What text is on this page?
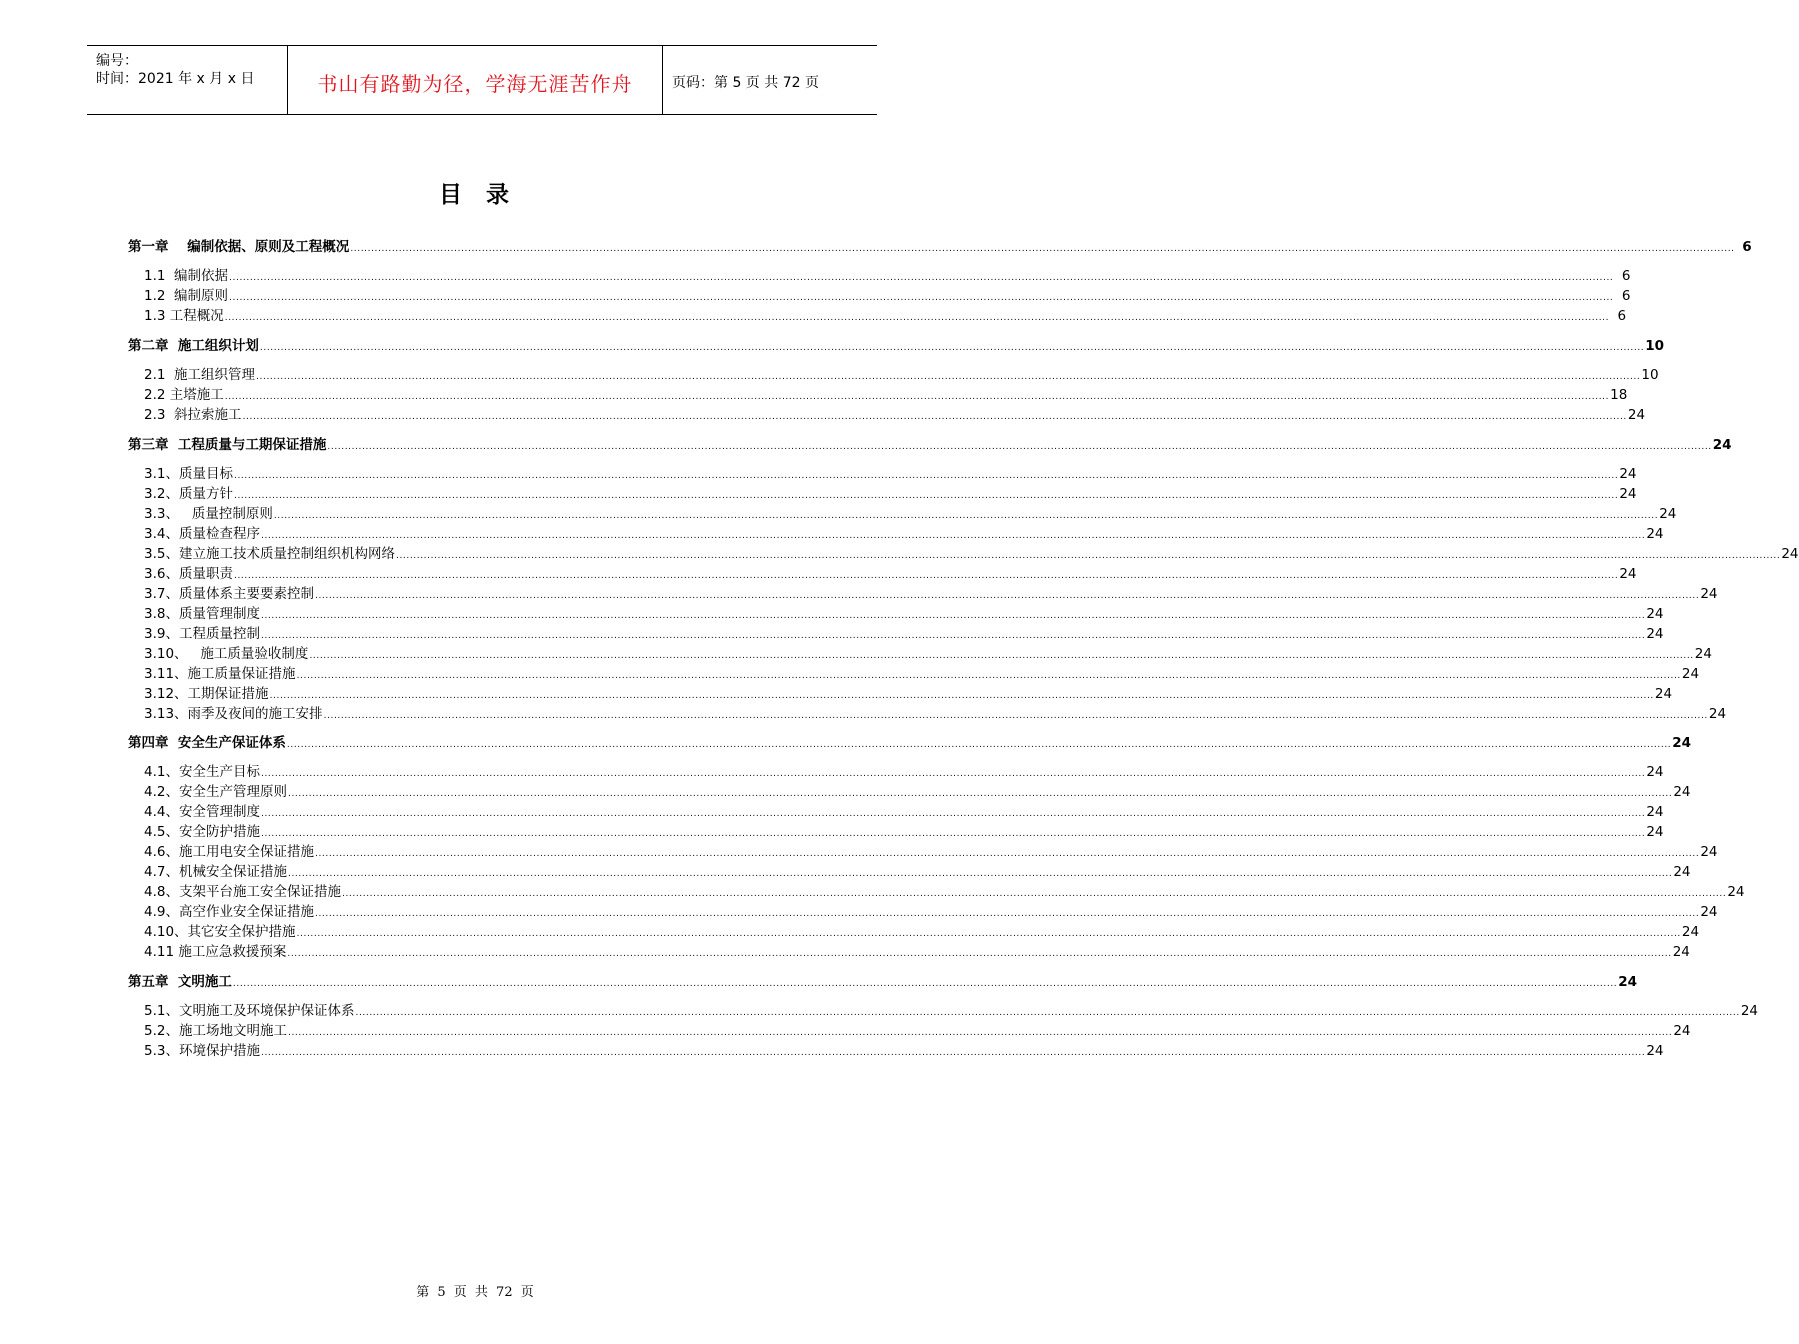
编号：
时间：2021 年 x 月 x 日	书山有路勤为径，学海无涯苦作舟	页码：第 5 页 共 72 页
目 录
第一章    编制依据、原则及工程概况 ................................................................................................................................................................................................................................................................................................................................................................................................................ 6
1.1  编制依据 ................................................................................................................................................................................................................................................................................................................................................................................................................ 6
1.2  编制原则 ................................................................................................................................................................................................................................................................................................................................................................................................................ 6
1.3 工程概况 ................................................................................................................................................................................................................................................................................................................................................................................................................ 6
第二章  施工组织计划 ................................................................................................................................................................................................................................................................................................................................................................................................................ 10
2.1  施工组织管理 ................................................................................................................................................................................................................................................................................................................................................................................................................ 10
2.2 主塔施工 ................................................................................................................................................................................................................................................................................................................................................................................................................ 18
2.3  斜拉索施工 ................................................................................................................................................................................................................................................................................................................................................................................................................ 24
第三章  工程质量与工期保证措施 ................................................................................................................................................................................................................................................................................................................................................................................................................ 24
3.1、质量目标 ................................................................................................................................................................................................................................................................................................................................................................................................................ 24
3.2、质量方针 ................................................................................................................................................................................................................................................................................................................................................................................................................ 24
3.3、   质量控制原则 ................................................................................................................................................................................................................................................................................................................................................................................................................ 24
3.4、质量检查程序 ................................................................................................................................................................................................................................................................................................................................................................................................................ 24
3.5、建立施工技术质量控制组织机构网络 ................................................................................................................................................................................................................................................................................................................................................................................................................ 24
3.6、质量职责 ................................................................................................................................................................................................................................................................................................................................................................................................................ 24
3.7、质量体系主要要素控制 ................................................................................................................................................................................................................................................................................................................................................................................................................ 24
3.8、质量管理制度 ................................................................................................................................................................................................................................................................................................................................................................................................................ 24
3.9、工程质量控制 ................................................................................................................................................................................................................................................................................................................................................................................................................ 24
3.10、   施工质量验收制度 ................................................................................................................................................................................................................................................................................................................................................................................................................ 24
3.11、施工质量保证措施 ................................................................................................................................................................................................................................................................................................................................................................................................................ 24
3.12、工期保证措施 ................................................................................................................................................................................................................................................................................................................................................................................................................ 24
3.13、雨季及夜间的施工安排 ................................................................................................................................................................................................................................................................................................................................................................................................................ 24
第四章  安全生产保证体系 ................................................................................................................................................................................................................................................................................................................................................................................................................ 24
4.1、安全生产目标 ................................................................................................................................................................................................................................................................................................................................................................................................................ 24
4.2、安全生产管理原则 ................................................................................................................................................................................................................................................................................................................................................................................................................ 24
4.4、安全管理制度 ................................................................................................................................................................................................................................................................................................................................................................................................................ 24
4.5、安全防护措施 ................................................................................................................................................................................................................................................................................................................................................................................................................ 24
4.6、施工用电安全保证措施 ................................................................................................................................................................................................................................................................................................................................................................................................................ 24
4.7、机械安全保证措施 ................................................................................................................................................................................................................................................................................................................................................................................................................ 24
4.8、支架平台施工安全保证措施 ................................................................................................................................................................................................................................................................................................................................................................................................................ 24
4.9、高空作业安全保证措施 ................................................................................................................................................................................................................................................................................................................................................................................................................ 24
4.10、其它安全保护措施 ................................................................................................................................................................................................................................................................................................................................................................................................................ 24
4.11 施工应急救援预案 ................................................................................................................................................................................................................................................................................................................................................................................................................ 24
第五章  文明施工 ................................................................................................................................................................................................................................................................................................................................................................................................................ 24
5.1、文明施工及环境保护保证体系 ................................................................................................................................................................................................................................................................................................................................................................................................................ 24
5.2、施工场地文明施工 ................................................................................................................................................................................................................................................................................................................................................................................................................ 24
5.3、环境保护措施 ................................................................................................................................................................................................................................................................................................................................................................................................................ 24
第 5 页 共 72 页
